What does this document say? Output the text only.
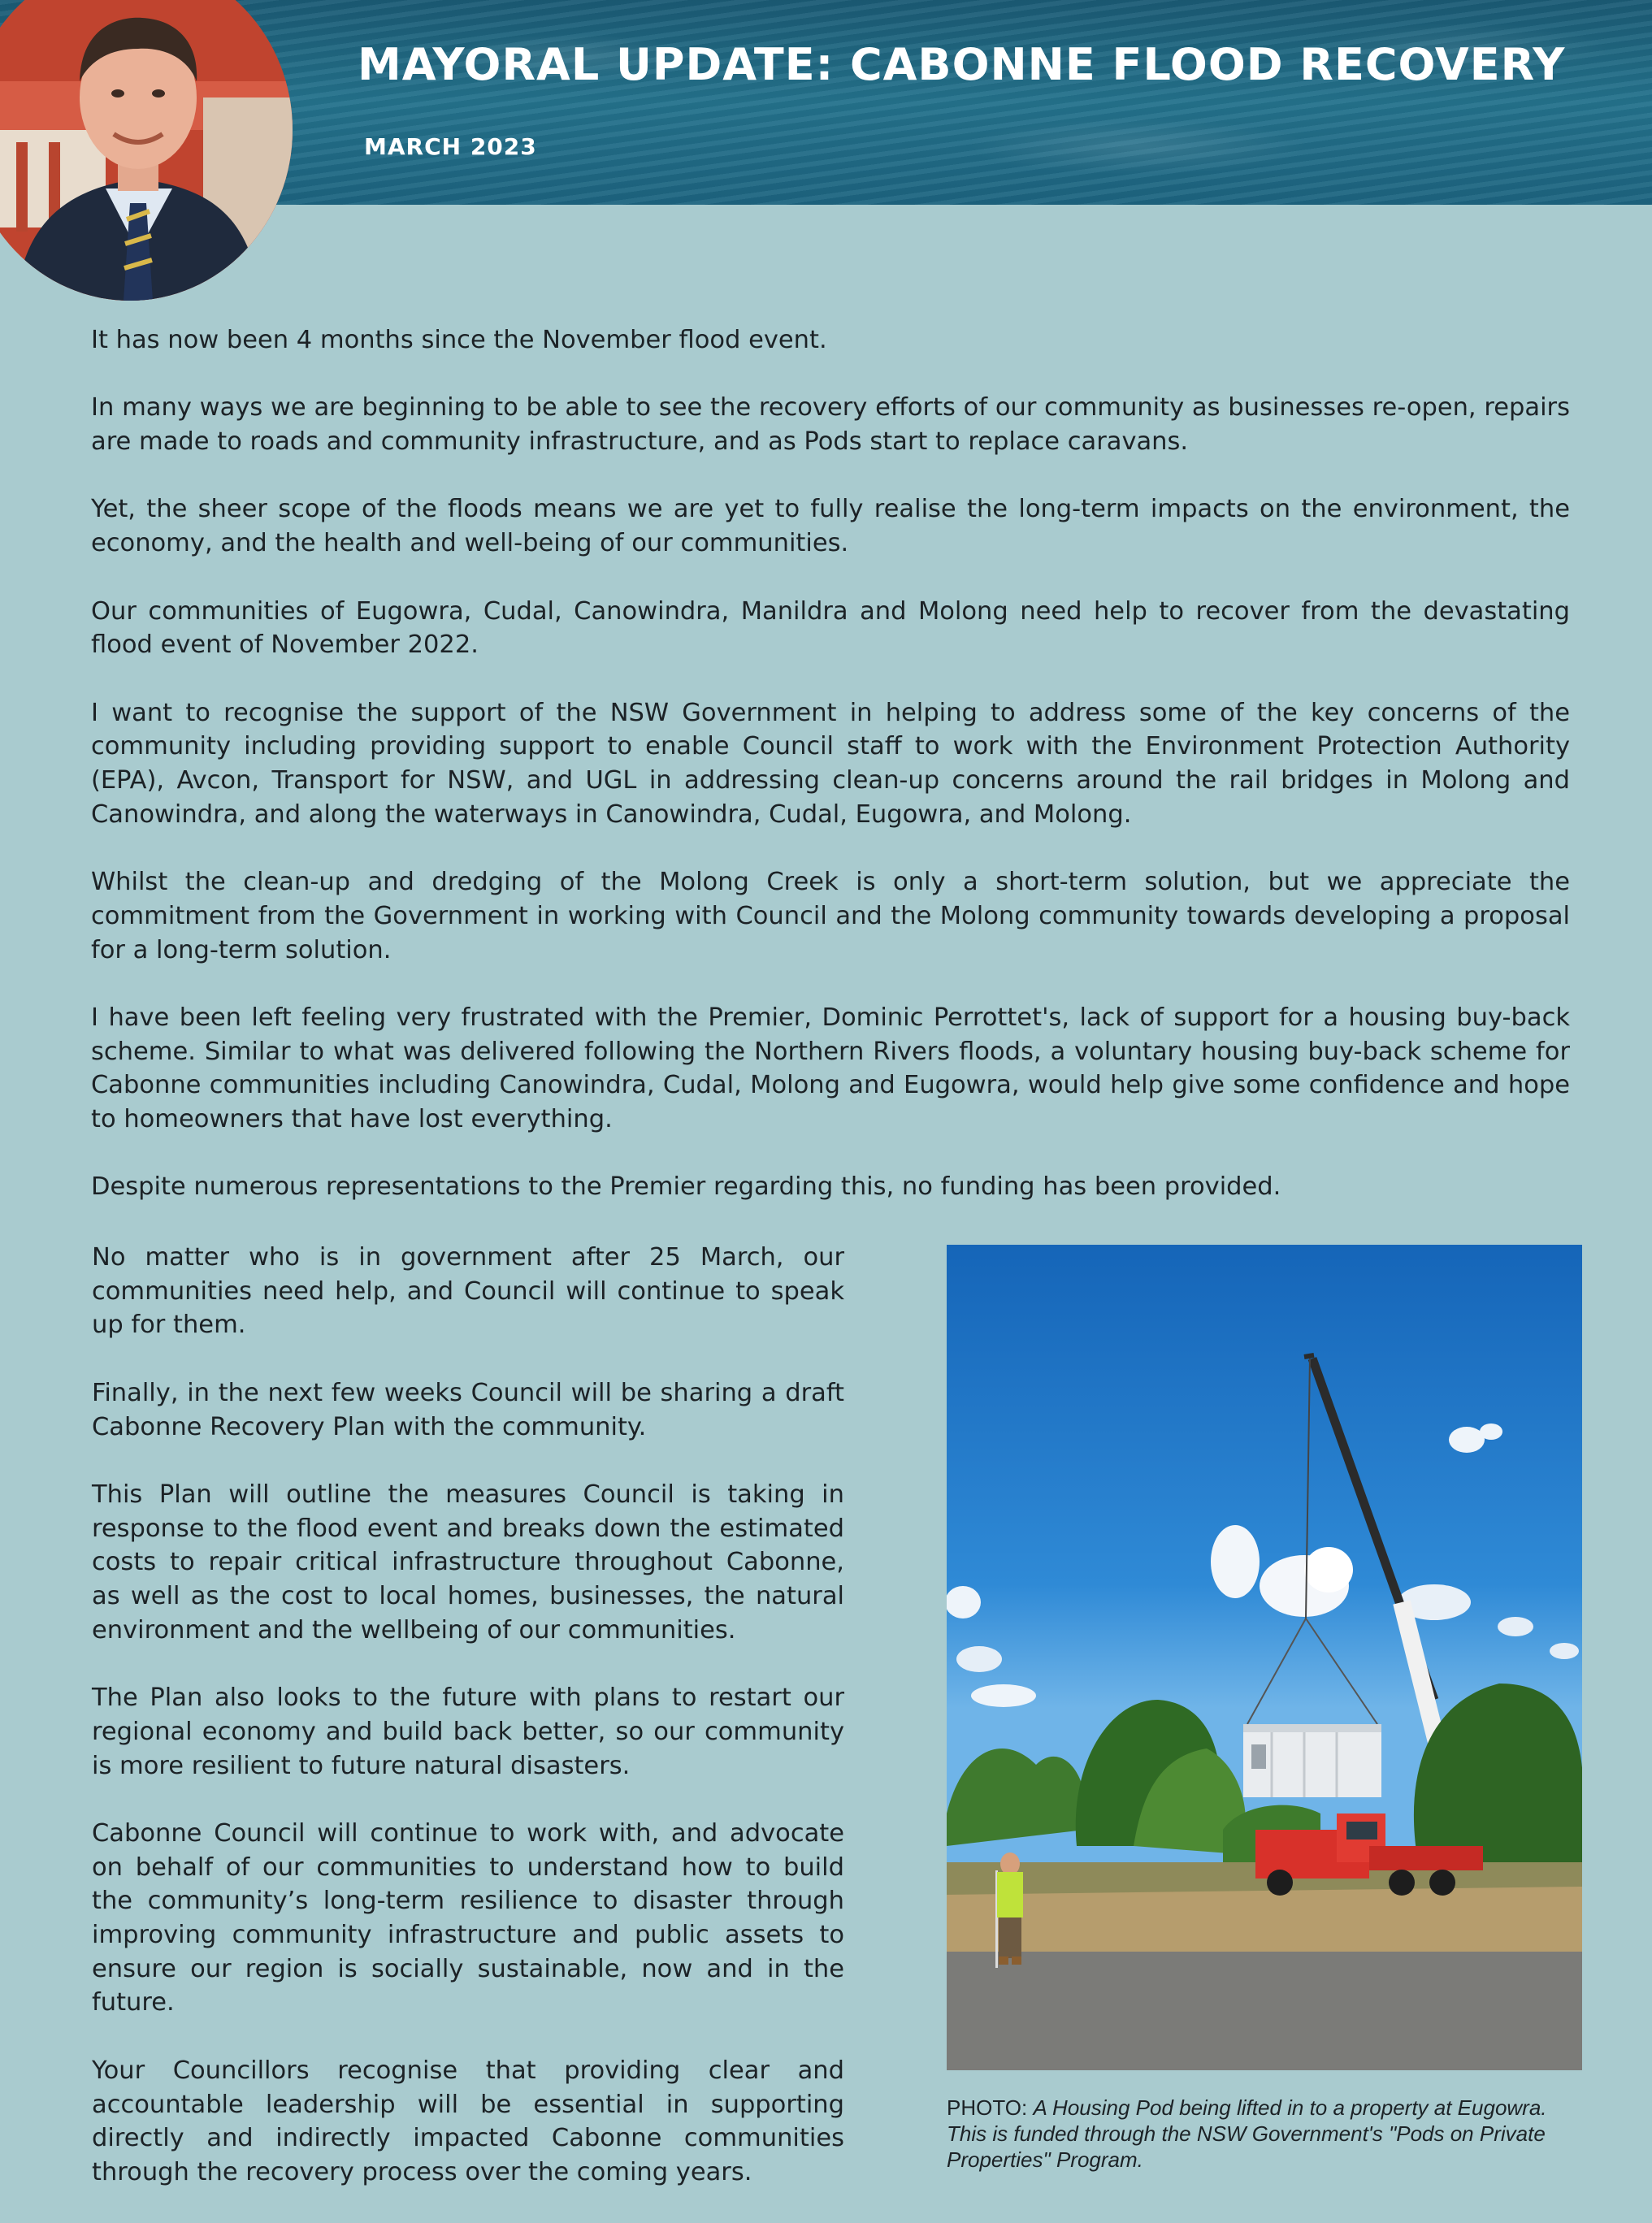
MAYORAL UPDATE: CABONNE FLOOD RECOVERY
MARCH 2023

It has now been 4 months since the November flood event.

In many ways we are beginning to be able to see the recovery efforts of our community as businesses re-open, repairs are made to roads and community infrastructure, and as Pods start to replace caravans.

Yet, the sheer scope of the floods means we are yet to fully realise the long-term impacts on the environment, the economy, and the health and well-being of our communities.

Our communities of Eugowra, Cudal, Canowindra, Manildra and Molong need help to recover from the devastating flood event of November 2022.

I want to recognise the support of the NSW Government in helping to address some of the key concerns of the community including providing support to enable Council staff to work with the Environment Protection Authority (EPA), Avcon, Transport for NSW, and UGL in addressing clean-up concerns around the rail bridges in Molong and Canowindra, and along the waterways in Canowindra, Cudal, Eugowra, and Molong.

Whilst the clean-up and dredging of the Molong Creek is only a short-term solution, but we appreciate the commitment from the Government in working with Council and the Molong community towards developing a proposal for a long-term solution.

I have been left feeling very frustrated with the Premier, Dominic Perrottet's, lack of support for a housing buy-back scheme. Similar to what was delivered following the Northern Rivers floods, a voluntary housing buy-back scheme for Cabonne communities including Canowindra, Cudal, Molong and Eugowra, would help give some confidence and hope to homeowners that have lost everything.

Despite numerous representations to the Premier regarding this, no funding has been provided.

No matter who is in government after 25 March, our communities need help, and Council will continue to speak up for them.

Finally, in the next few weeks Council will be sharing a draft Cabonne Recovery Plan with the community.

This Plan will outline the measures Council is taking in response to the flood event and breaks down the estimated costs to repair critical infrastructure throughout Cabonne, as well as the cost to local homes, businesses, the natural environment and the wellbeing of our communities.

The Plan also looks to the future with plans to restart our regional economy and build back better, so our community is more resilient to future natural disasters.

Cabonne Council will continue to work with, and advocate on behalf of our communities to understand how to build the community’s long-term resilience to disaster through improving community infrastructure and public assets to ensure our region is socially sustainable, now and in the future.

Your Councillors recognise that providing clear and accountable leadership will be essential in supporting directly and indirectly impacted Cabonne communities through the recovery process over the coming years.

PHOTO: A Housing Pod being lifted in to a property at Eugowra. This is funded through the NSW Government's "Pods on Private Properties" Program.
